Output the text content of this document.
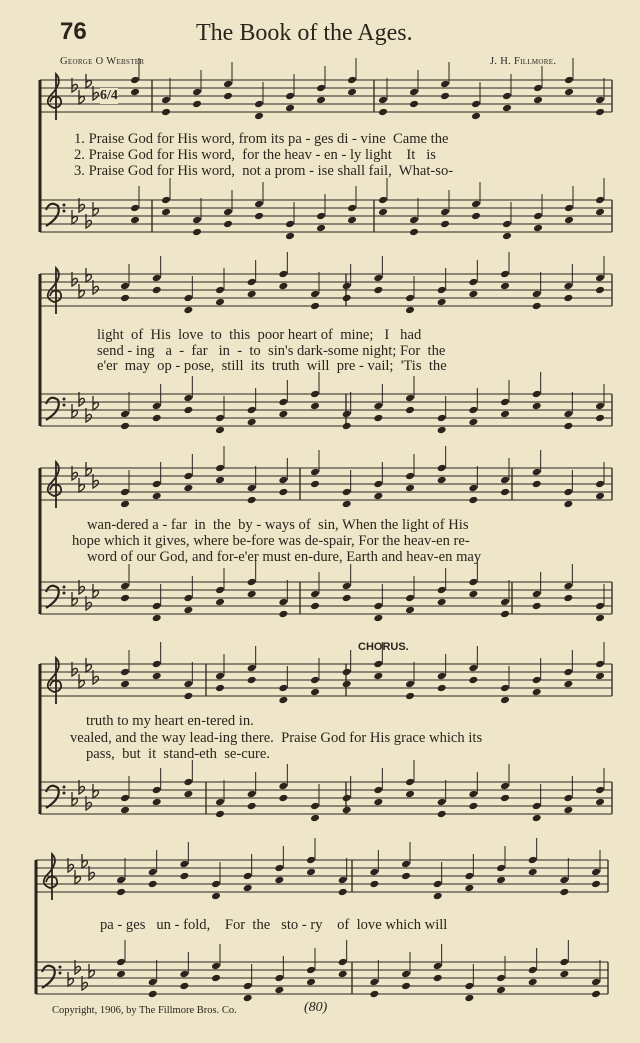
76	The Book of the Ages.
George O Webster	J. H. Fillmore.
6/4
1. Praise God for His word, from its pa - ges di - vine  Came the
2. Praise God for His word,  for the heav - en - ly light    It   is
3. Praise God for His word,  not a prom - ise shall fail,  What-so-
light  of  His  love  to  this  poor heart of  mine;   I   had
send - ing   a  -  far   in  -  to  sin's dark-some night; For  the
e'er  may  op - pose,  still  its  truth  will  pre - vail;  'Tis  the
wan-dered a - far  in  the  by - ways of  sin, When the light of His
hope which it gives, where be-fore was de-spair, For the heav-en re-
word of our God, and for-e'er must en-dure, Earth and heav-en may
CHORUS.
truth to my heart en-tered in.
vealed, and the way lead-ing there.  Praise God for His grace which its
pass,  but  it  stand-eth  se-cure.
pa - ges   un - fold,    For  the   sto - ry    of  love which will
Copyright, 1906, by The Fillmore Bros. Co.	(80)
